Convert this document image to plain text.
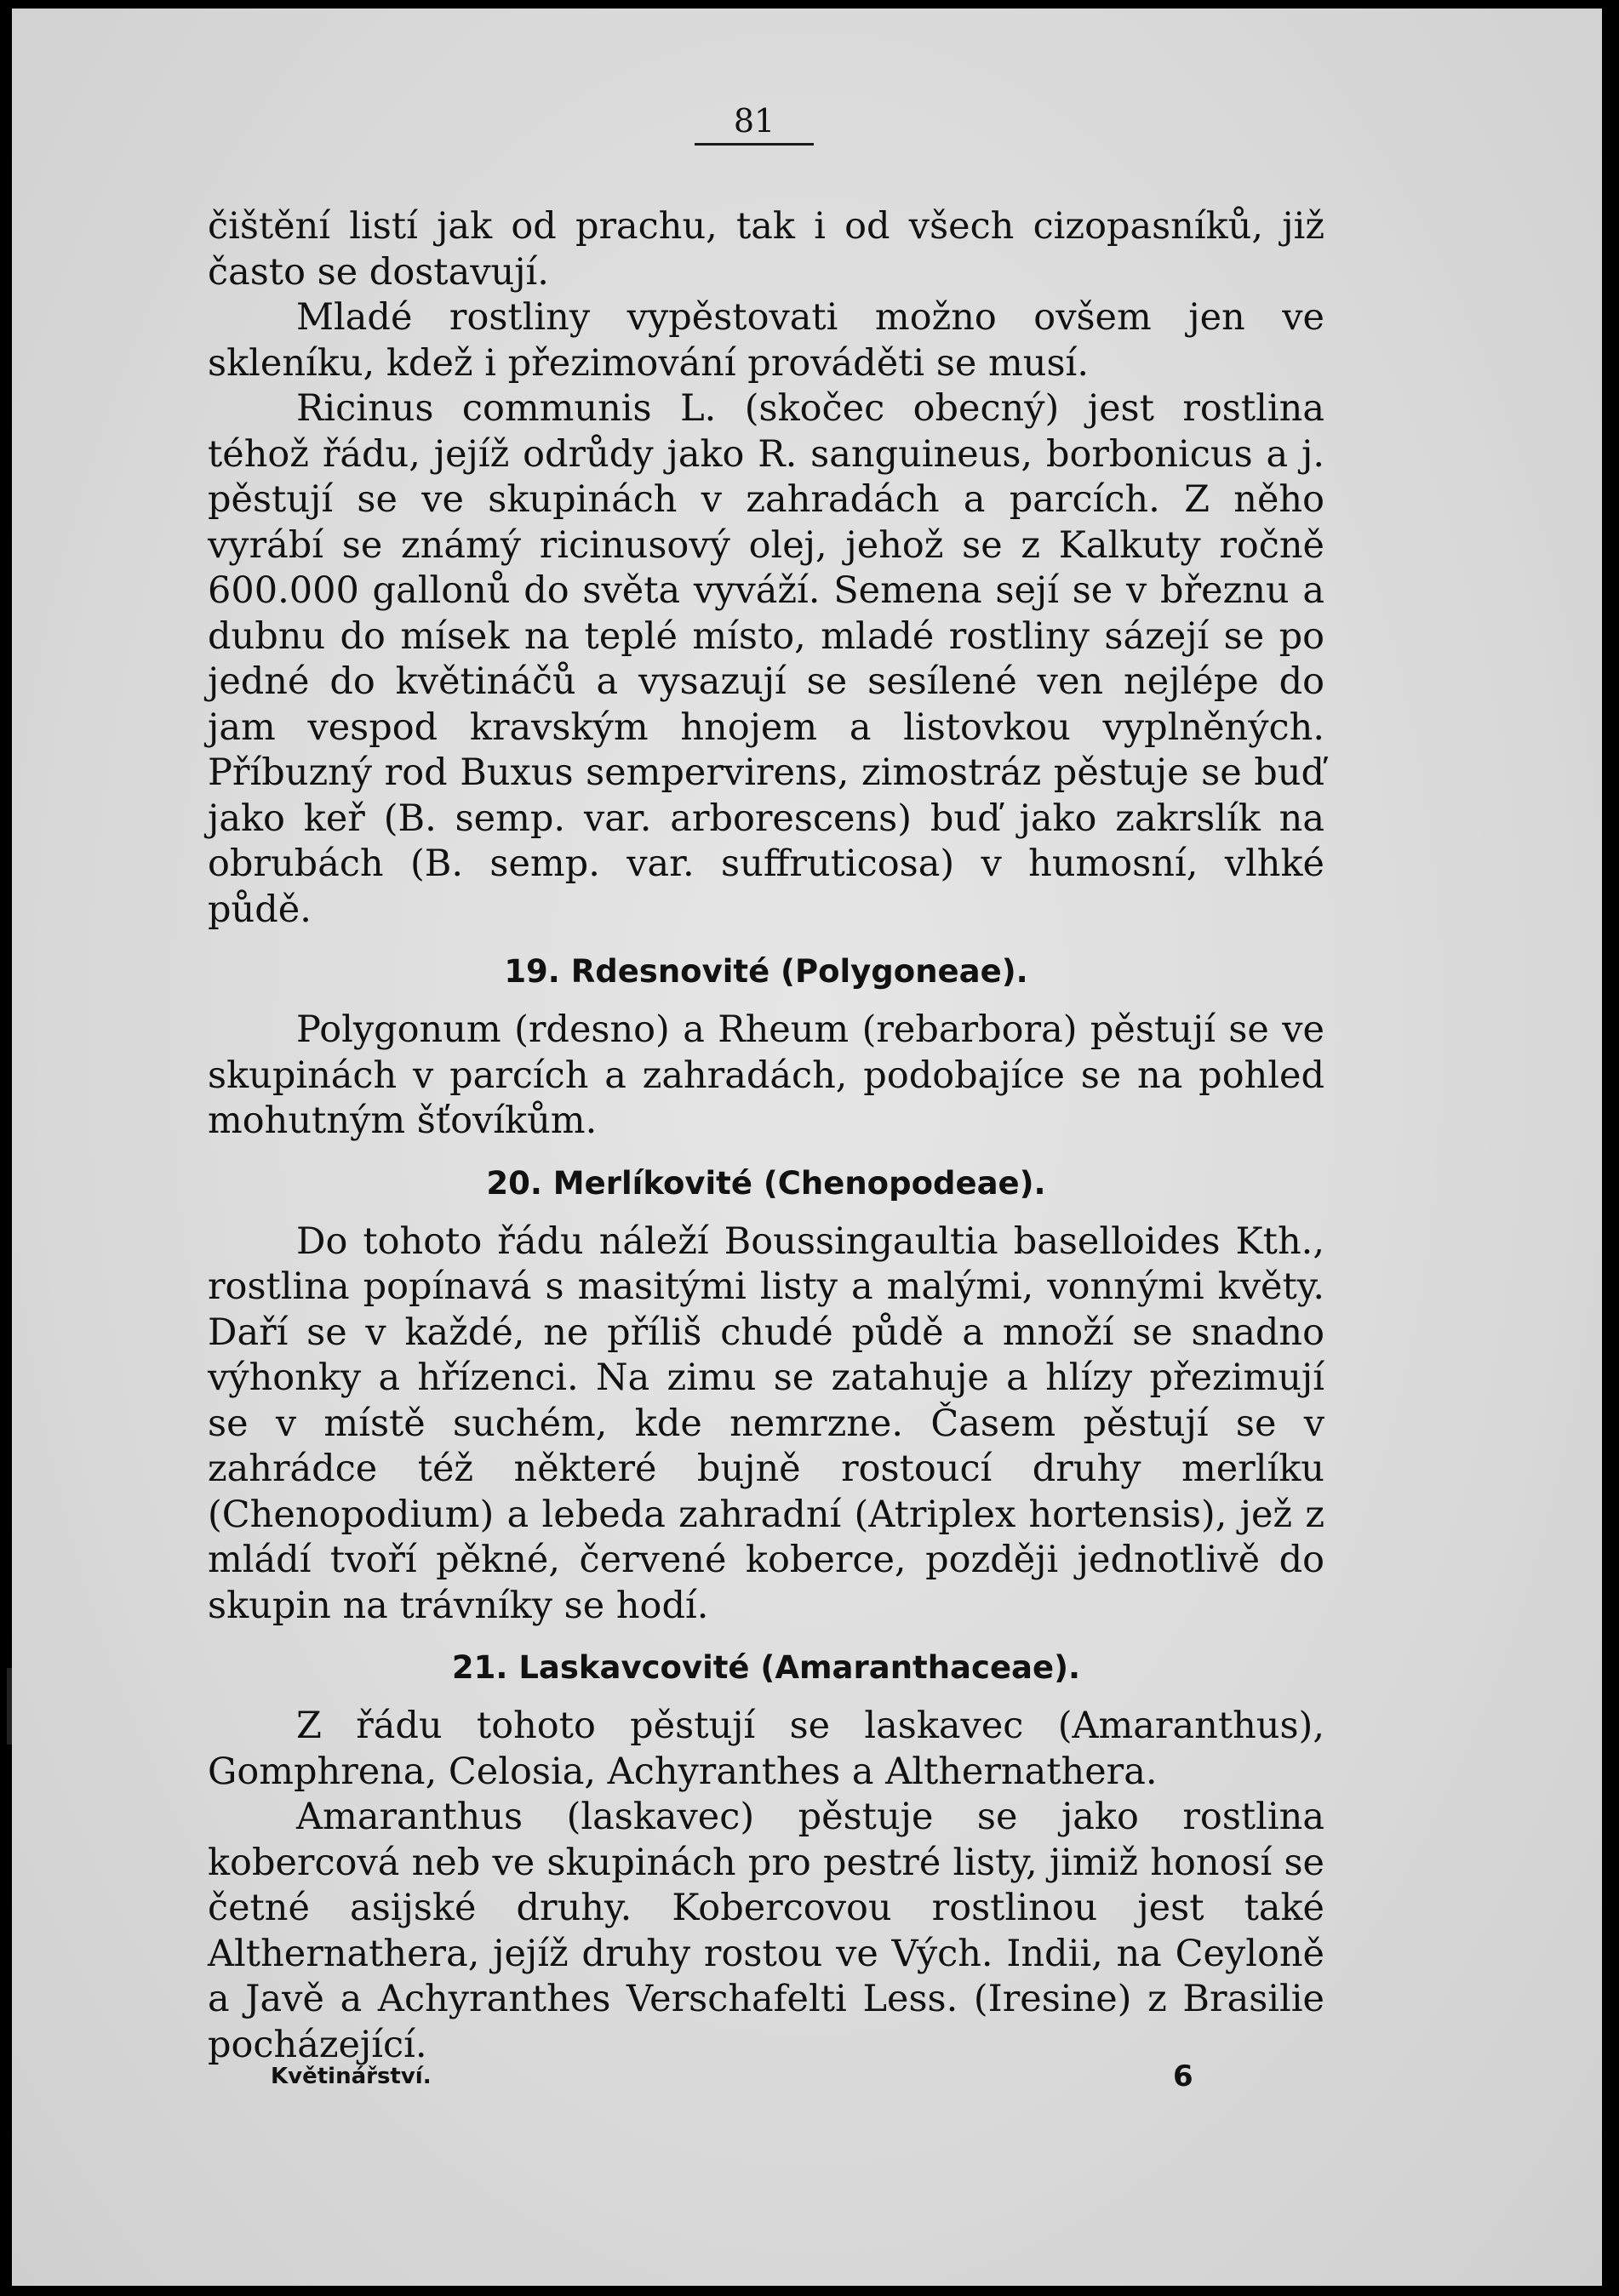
81

čištění listí jak od prachu, tak i od všech cizopasníků, již často se dostavují.

Mladé rostliny vypěstovati možno ovšem jen ve skleníku, kdež i přezimování prováděti se musí.

Ricinus communis L. (skočec obecný) jest rostlina téhož řádu, jejíž odrůdy jako R. sanguineus, borbonicus a j. pěstují se ve skupinách v zahradách a parcích. Z něho vyrábí se známý ricinusový olej, jehož se z Kalkuty ročně 600.000 gallonů do světa vyváží. Semena sejí se v březnu a dubnu do mísek na teplé místo, mladé rostliny sázejí se po jedné do květináčů a vysazují se sesílené ven nejlépe do jam vespod kravským hnojem a listovkou vyplněných. Příbuzný rod Buxus sempervirens, zimostráz pěstuje se buď jako keř (B. semp. var. arborescens) buď jako zakrslík na obrubách (B. semp. var. suffruticosa) v humosní, vlhké půdě.

19. Rdesnovité (Polygoneae).

Polygonum (rdesno) a Rheum (rebarbora) pěstují se ve skupinách v parcích a zahradách, podobajíce se na pohled mohutným šťovíkům.

20. Merlíkovité (Chenopodeae).

Do tohoto řádu náleží Boussingaultia baselloides Kth., rostlina popínavá s masitými listy a malými, vonnými květy. Daří se v každé, ne příliš chudé půdě a množí se snadno výhonky a hřízenci. Na zimu se zatahuje a hlízy přezimují se v místě suchém, kde nemrzne. Časem pěstují se v zahrádce též některé bujně rostoucí druhy merlíku (Chenopodium) a lebeda zahradní (Atriplex hortensis), jež z mládí tvoří pěkné, červené koberce, později jednotlivě do skupin na trávníky se hodí.

21. Laskavcovité (Amaranthaceae).

Z řádu tohoto pěstují se laskavec (Amaranthus), Gomphrena, Celosia, Achyranthes a Althernathera.

Amaranthus (laskavec) pěstuje se jako rostlina kobercová neb ve skupinách pro pestré listy, jimiž honosí se četné asijské druhy. Kobercovou rostlinou jest také Althernathera, jejíž druhy rostou ve Vých. Indii, na Ceyloně a Javě a Achyranthes Verschafelti Less. (Iresine) z Brasilie pocházející.

Květinářství.	6
